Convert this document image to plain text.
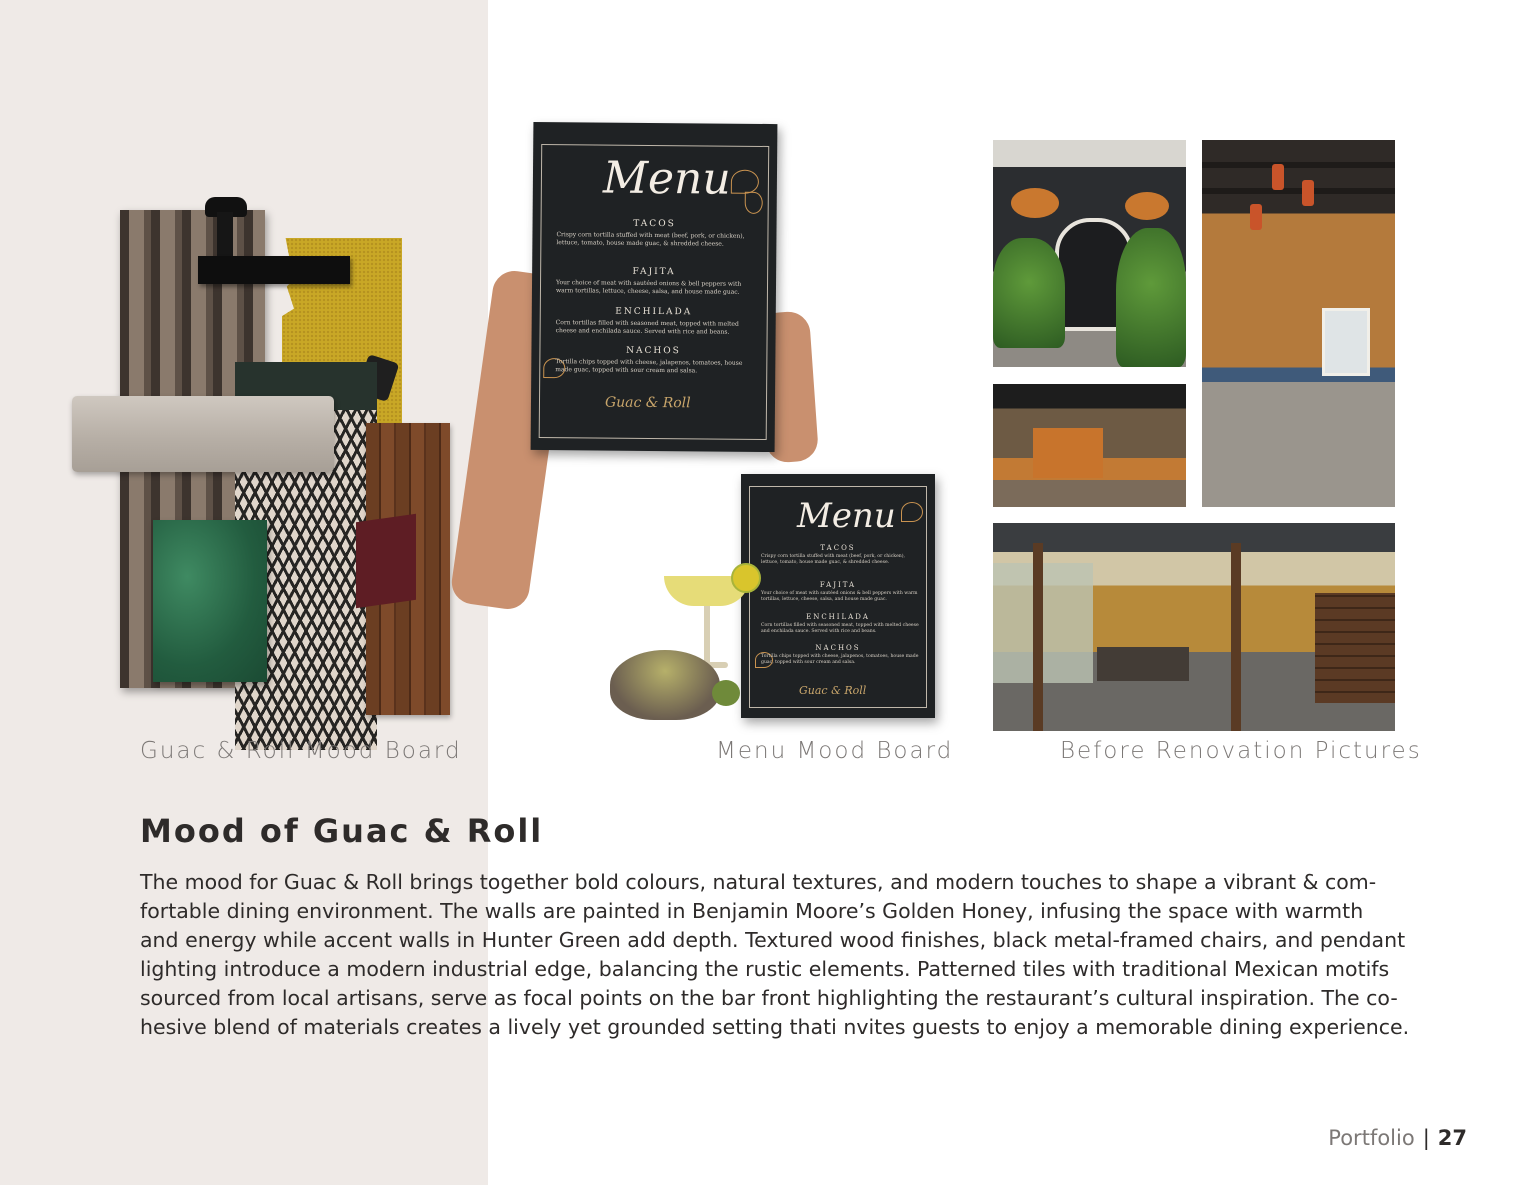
Menu
TACOS
Crispy corn tortilla stuffed with meat (beef, pork, or chicken), lettuce, tomato, house made guac, & shredded cheese.
FAJITA
Your choice of meat with sautéed onions & bell peppers with warm tortillas, lettuce, cheese, salsa, and house made guac.
ENCHILADA
Corn tortillas filled with seasoned meat, topped with melted cheese and enchilada sauce. Served with rice and beans.
NACHOS
Tortilla chips topped with cheese, jalapenos, tomatoes, house made guac, topped with sour cream and salsa.
Guac & Roll
Menu
TACOS
Crispy corn tortilla stuffed with meat (beef, pork, or chicken), lettuce, tomato, house made guac, & shredded cheese.
FAJITA
Your choice of meat with sautéed onions & bell peppers with warm tortillas, lettuce, cheese, salsa, and house made guac.
ENCHILADA
Corn tortillas filled with seasoned meat, topped with melted cheese and enchilada sauce. Served with rice and beans.
NACHOS
Tortilla chips topped with cheese, jalapenos, tomatoes, house made guac, topped with sour cream and salsa.
Guac & Roll
Guac & Roll Mood Board	Menu Mood Board	Before Renovation Pictures
Mood of Guac & Roll
The mood for Guac & Roll brings together bold colours, natural textures, and modern touches to shape a vibrant & com-
fortable dining environment. The walls are painted in Benjamin Moore’s Golden Honey, infusing the space with warmth
and energy while accent walls in Hunter Green add depth. Textured wood finishes, black metal-framed chairs, and pendant
lighting introduce a modern industrial edge, balancing the rustic elements. Patterned tiles with traditional Mexican motifs
sourced from local artisans, serve as focal points on the bar front highlighting the restaurant’s cultural inspiration. The co-
hesive blend of materials creates a lively yet grounded setting thati nvites guests to enjoy a memorable dining experience.
Portfolio | 27
